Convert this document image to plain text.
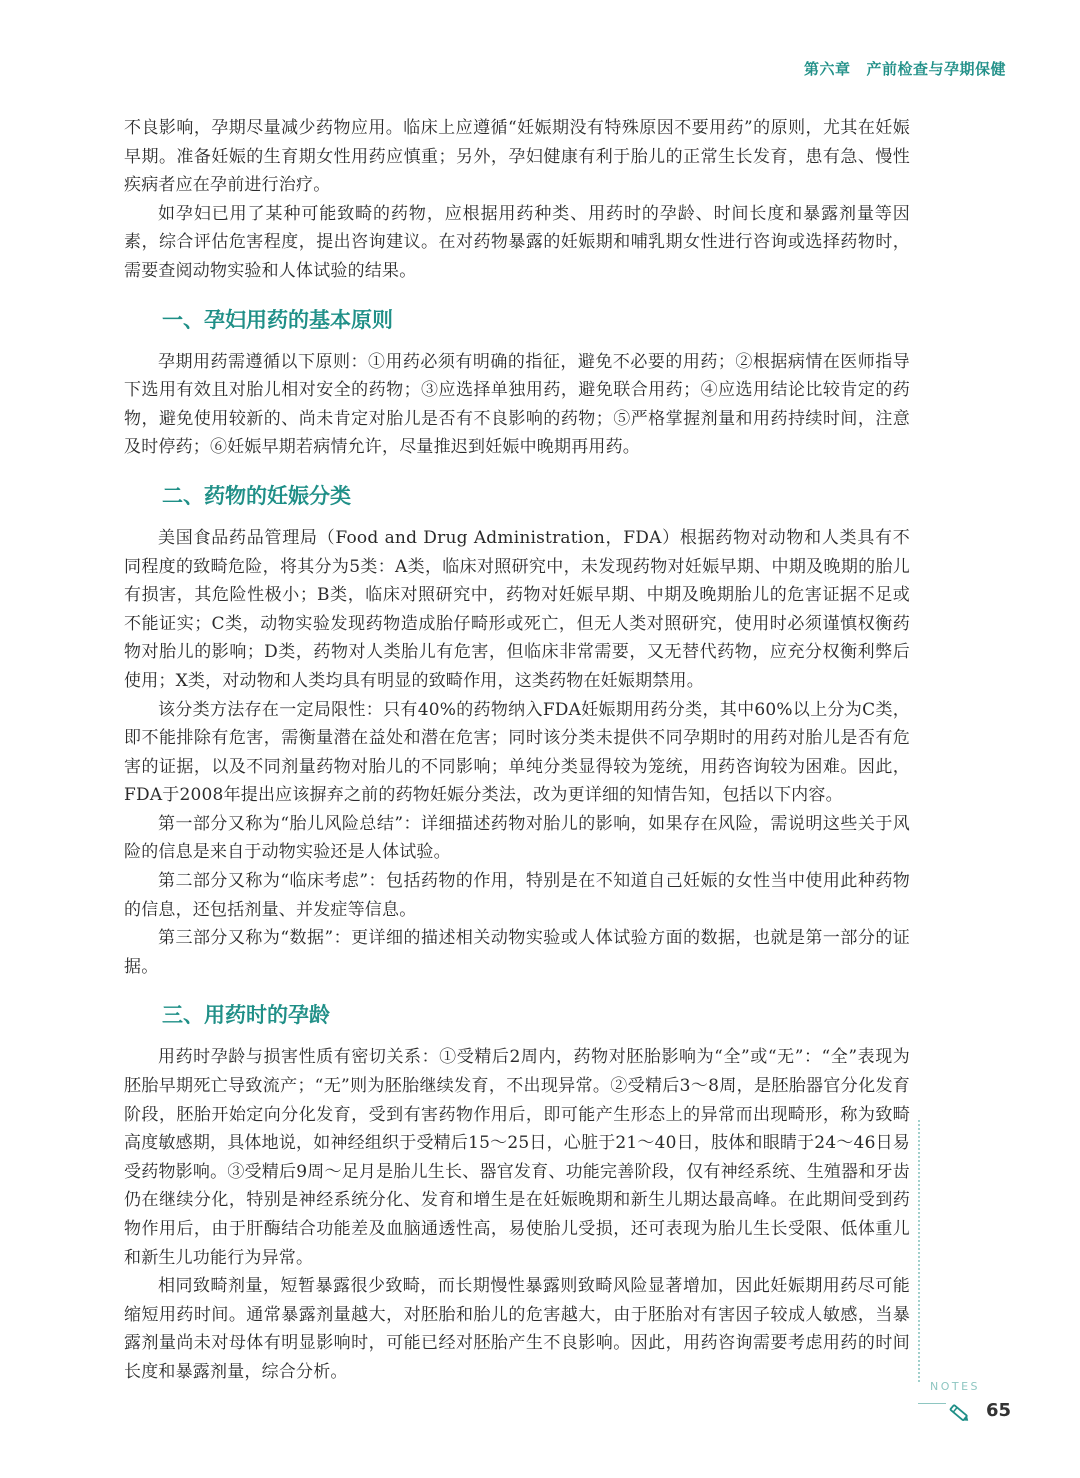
第六章 产前检查与孕期保健

不良影响，孕期尽量减少药物应用。临床上应遵循“妊娠期没有特殊原因不要用药”的原则，尤其在妊娠早期。准备妊娠的生育期女性用药应慎重；另外，孕妇健康有利于胎儿的正常生长发育，患有急、慢性疾病者应在孕前进行治疗。

如孕妇已用了某种可能致畸的药物，应根据用药种类、用药时的孕龄、时间长度和暴露剂量等因素，综合评估危害程度，提出咨询建议。在对药物暴露的妊娠期和哺乳期女性进行咨询或选择药物时，需要查阅动物实验和人体试验的结果。

一、孕妇用药的基本原则

孕期用药需遵循以下原则：①用药必须有明确的指征，避免不必要的用药；②根据病情在医师指导下选用有效且对胎儿相对安全的药物；③应选择单独用药，避免联合用药；④应选用结论比较肯定的药物，避免使用较新的、尚未肯定对胎儿是否有不良影响的药物；⑤严格掌握剂量和用药持续时间，注意及时停药；⑥妊娠早期若病情允许，尽量推迟到妊娠中晚期再用药。

二、药物的妊娠分类

美国食品药品管理局（Food and Drug Administration，FDA）根据药物对动物和人类具有不同程度的致畸危险，将其分为5类：A类，临床对照研究中，未发现药物对妊娠早期、中期及晚期的胎儿有损害，其危险性极小；B类，临床对照研究中，药物对妊娠早期、中期及晚期胎儿的危害证据不足或不能证实；C类，动物实验发现药物造成胎仔畸形或死亡，但无人类对照研究，使用时必须谨慎权衡药物对胎儿的影响；D类，药物对人类胎儿有危害，但临床非常需要，又无替代药物，应充分权衡利弊后使用；X类，对动物和人类均具有明显的致畸作用，这类药物在妊娠期禁用。

该分类方法存在一定局限性：只有40%的药物纳入FDA妊娠期用药分类，其中60%以上分为C类，即不能排除有危害，需衡量潜在益处和潜在危害；同时该分类未提供不同孕期时的用药对胎儿是否有危害的证据，以及不同剂量药物对胎儿的不同影响；单纯分类显得较为笼统，用药咨询较为困难。因此，FDA于2008年提出应该摒弃之前的药物妊娠分类法，改为更详细的知情告知，包括以下内容。

第一部分又称为“胎儿风险总结”：详细描述药物对胎儿的影响，如果存在风险，需说明这些关于风险的信息是来自于动物实验还是人体试验。

第二部分又称为“临床考虑”：包括药物的作用，特别是在不知道自己妊娠的女性当中使用此种药物的信息，还包括剂量、并发症等信息。

第三部分又称为“数据”：更详细的描述相关动物实验或人体试验方面的数据，也就是第一部分的证据。

三、用药时的孕龄

用药时孕龄与损害性质有密切关系：①受精后2周内，药物对胚胎影响为“全”或“无”：“全”表现为胚胎早期死亡导致流产；“无”则为胚胎继续发育，不出现异常。②受精后3～8周，是胚胎器官分化发育阶段，胚胎开始定向分化发育，受到有害药物作用后，即可能产生形态上的异常而出现畸形，称为致畸高度敏感期，具体地说，如神经组织于受精后15～25日，心脏于21～40日，肢体和眼睛于24～46日易受药物影响。③受精后9周～足月是胎儿生长、器官发育、功能完善阶段，仅有神经系统、生殖器和牙齿仍在继续分化，特别是神经系统分化、发育和增生是在妊娠晚期和新生儿期达最高峰。在此期间受到药物作用后，由于肝酶结合功能差及血脑通透性高，易使胎儿受损，还可表现为胎儿生长受限、低体重儿和新生儿功能行为异常。

相同致畸剂量，短暂暴露很少致畸，而长期慢性暴露则致畸风险显著增加，因此妊娠期用药尽可能缩短用药时间。通常暴露剂量越大，对胚胎和胎儿的危害越大，由于胚胎对有害因子较成人敏感，当暴露剂量尚未对母体有明显影响时，可能已经对胚胎产生不良影响。因此，用药咨询需要考虑用药的时间长度和暴露剂量，综合分析。

NOTES
65
